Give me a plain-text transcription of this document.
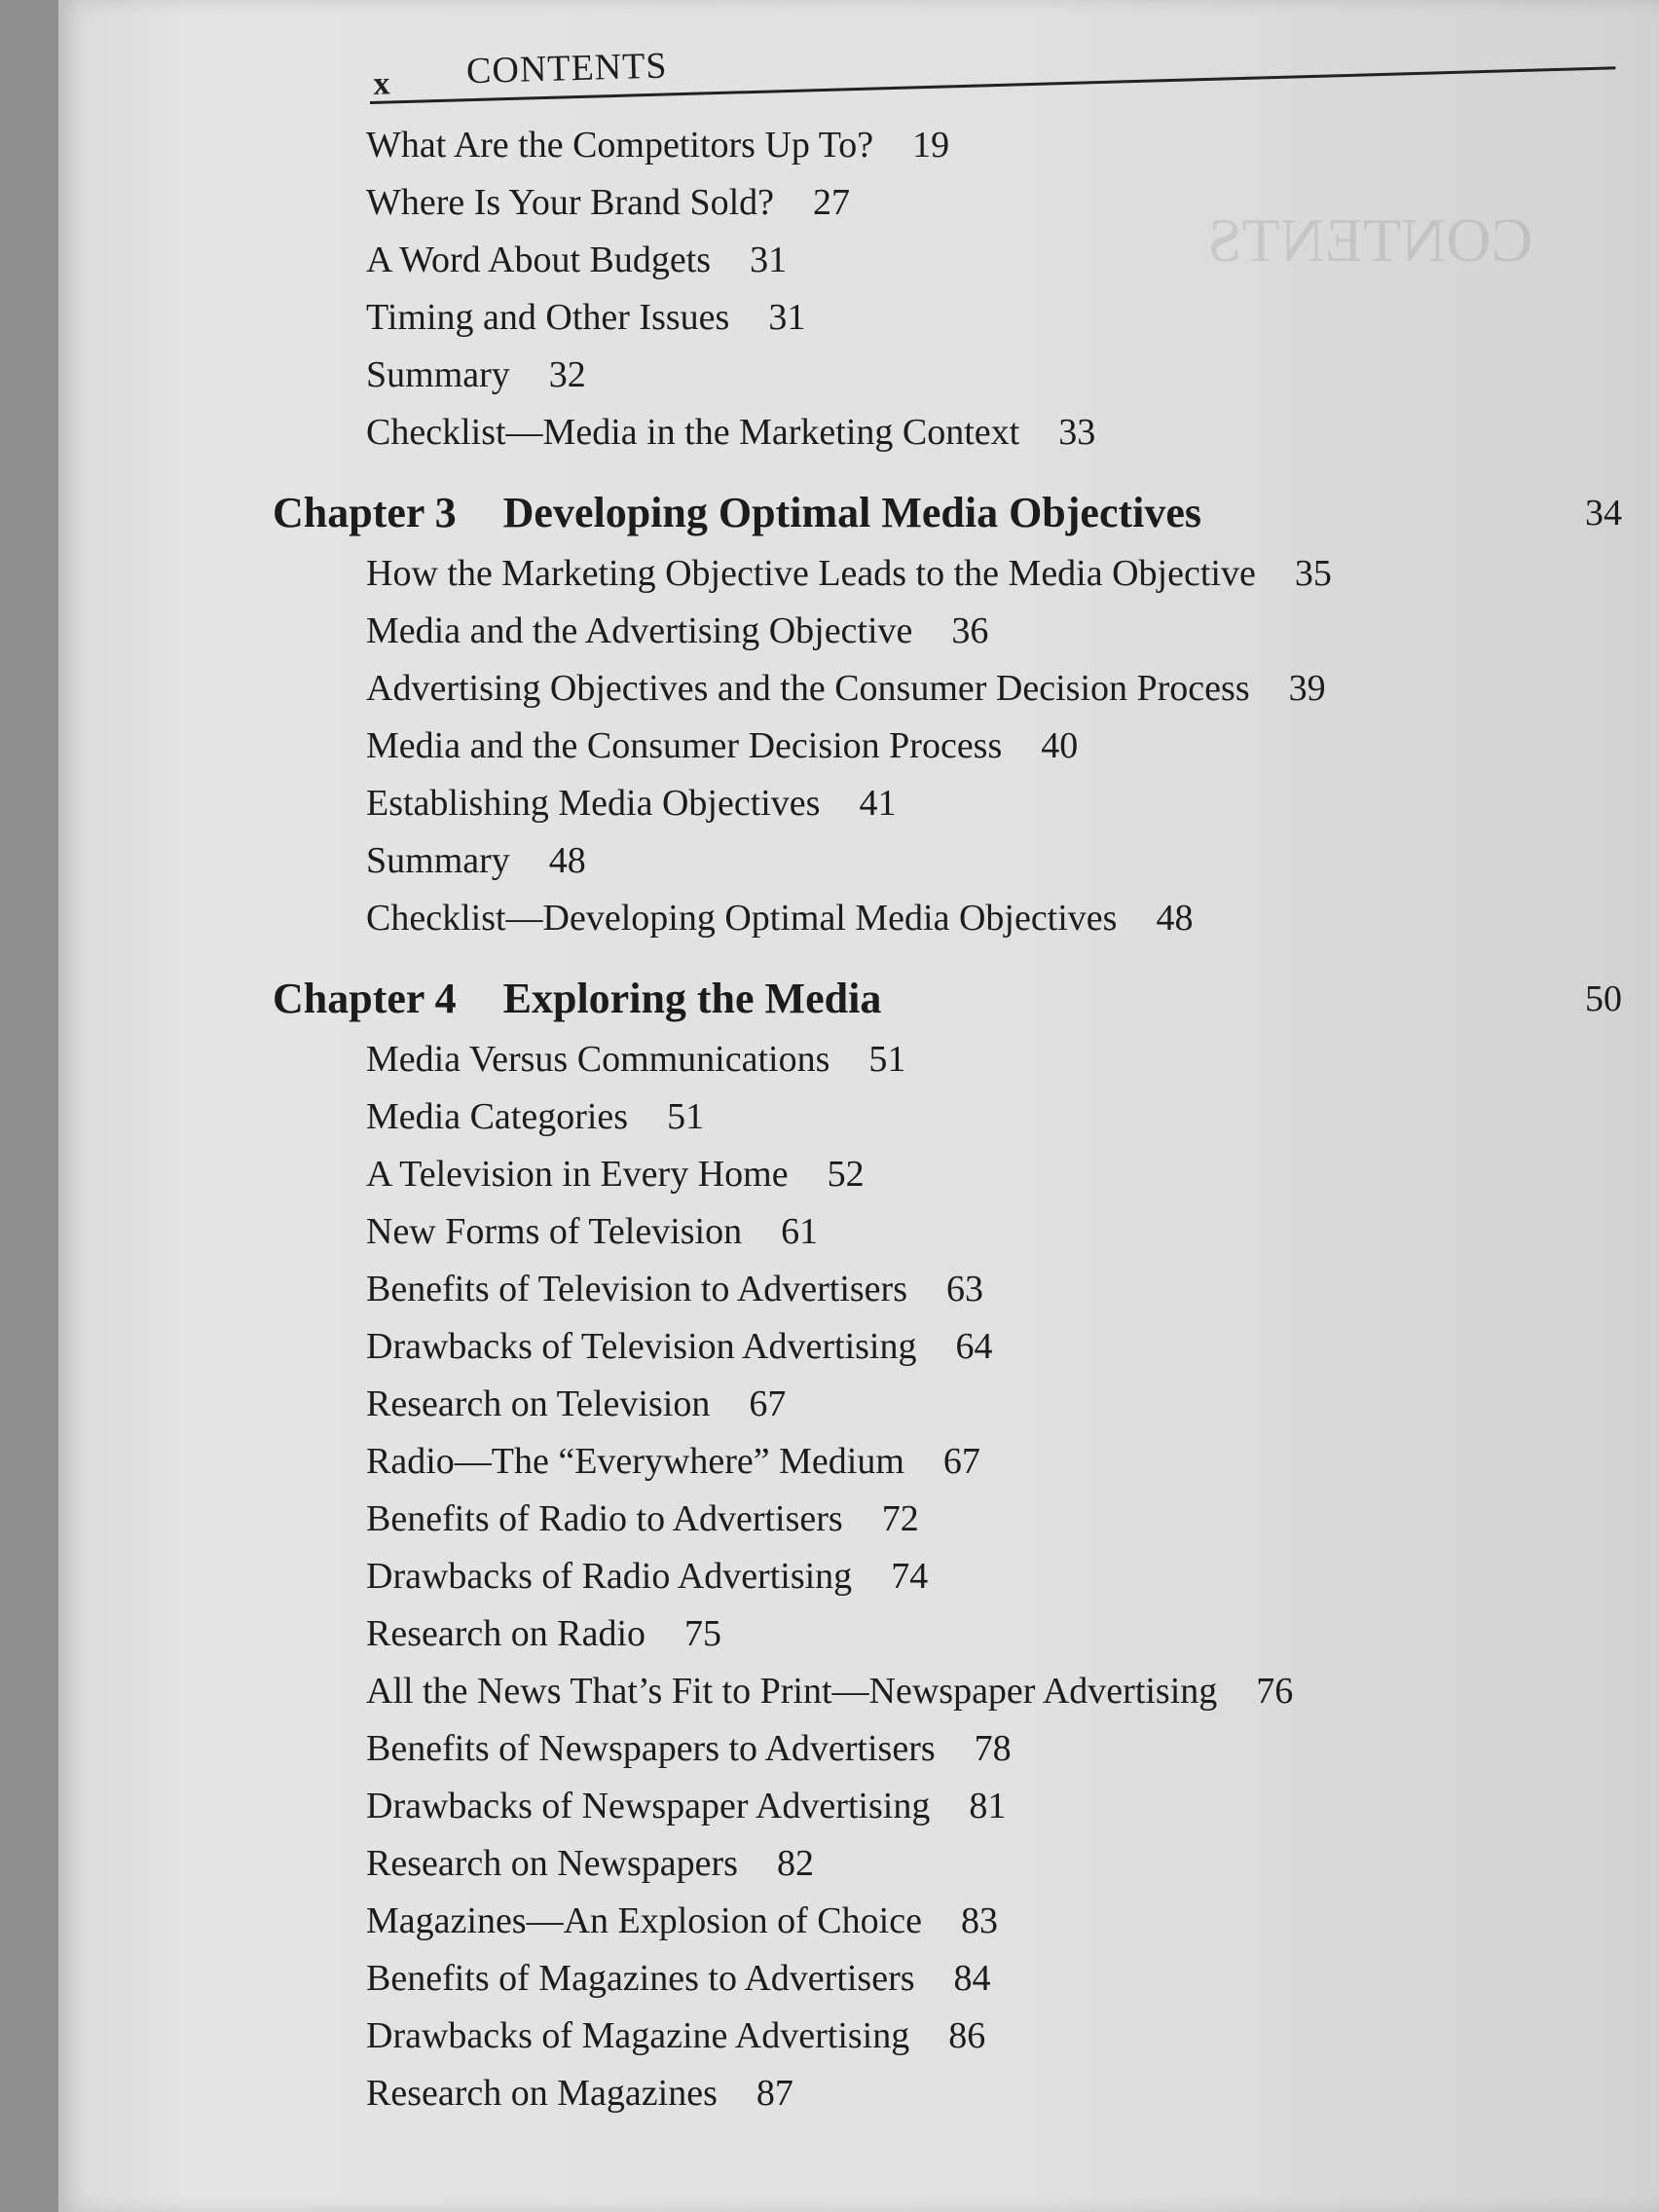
CONTENTS
x CONTENTS
What Are the Competitors Up To? 19
Where Is Your Brand Sold? 27
A Word About Budgets 31
Timing and Other Issues 31
Summary 32
Checklist—Media in the Marketing Context 33
Chapter 3 Developing Optimal Media Objectives	34
How the Marketing Objective Leads to the Media Objective 35
Media and the Advertising Objective 36
Advertising Objectives and the Consumer Decision Process 39
Media and the Consumer Decision Process 40
Establishing Media Objectives 41
Summary 48
Checklist—Developing Optimal Media Objectives 48
Chapter 4 Exploring the Media	50
Media Versus Communications 51
Media Categories 51
A Television in Every Home 52
New Forms of Television 61
Benefits of Television to Advertisers 63
Drawbacks of Television Advertising 64
Research on Television 67
Radio—The “Everywhere” Medium 67
Benefits of Radio to Advertisers 72
Drawbacks of Radio Advertising 74
Research on Radio 75
All the News That’s Fit to Print—Newspaper Advertising 76
Benefits of Newspapers to Advertisers 78
Drawbacks of Newspaper Advertising 81
Research on Newspapers 82
Magazines—An Explosion of Choice 83
Benefits of Magazines to Advertisers 84
Drawbacks of Magazine Advertising 86
Research on Magazines 87
